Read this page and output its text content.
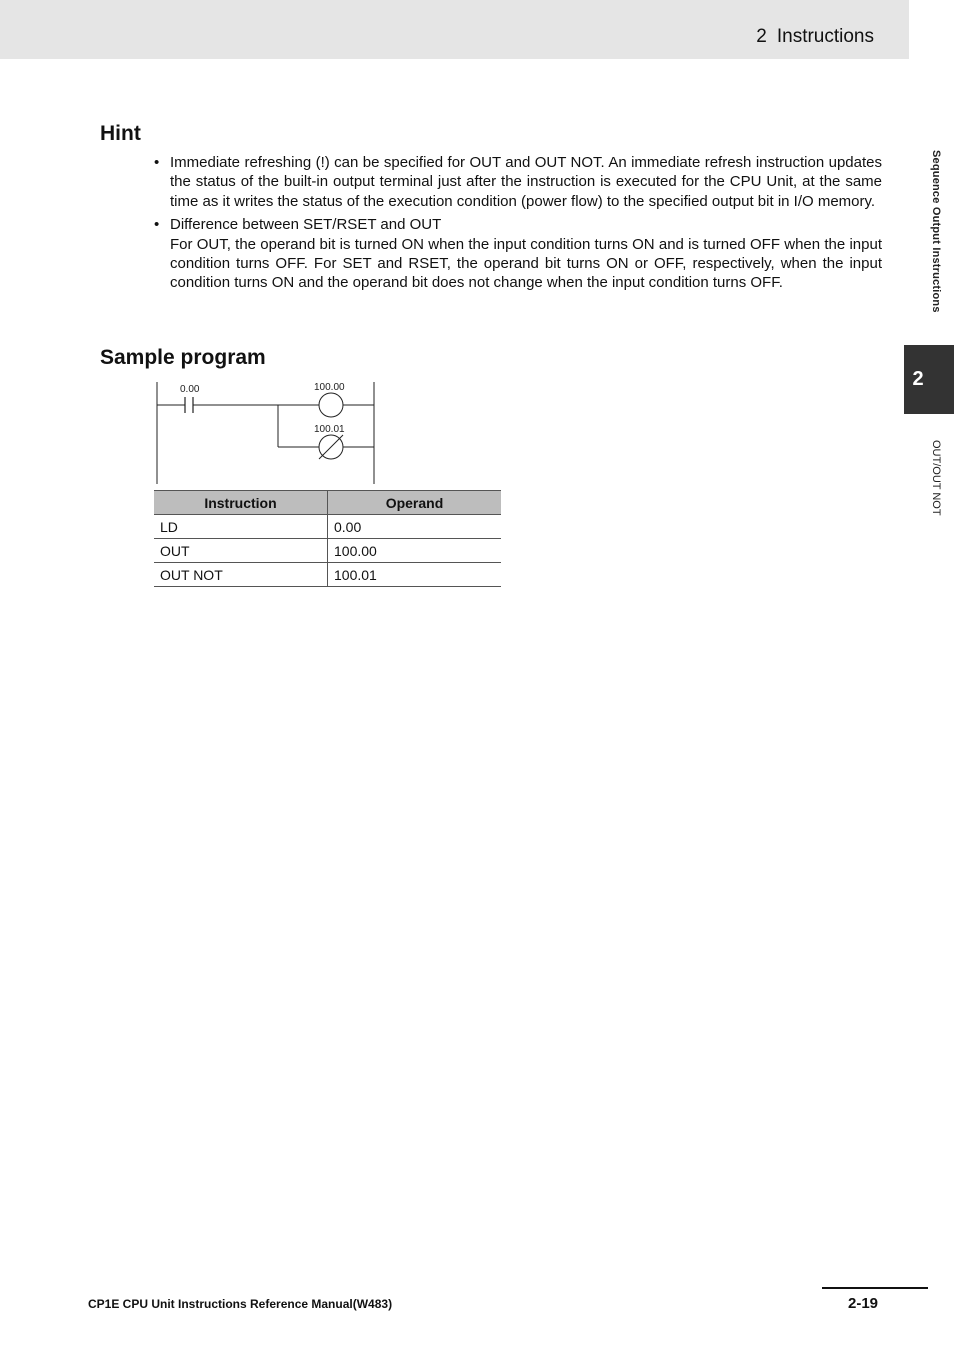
2 Instructions
Sequence Output Instructions
2
OUT/OUT NOT
Hint
• Immediate refreshing (!) can be specified for OUT and OUT NOT. An immediate refresh instruction updates the status of the built-in output terminal just after the instruction is executed for the CPU Unit, at the same time as it writes the status of the execution condition (power flow) to the specified output bit in I/O memory.
• Difference between SET/RSET and OUT
For OUT, the operand bit is turned ON when the input condition turns ON and is turned OFF when the input condition turns OFF. For SET and RSET, the operand bit turns ON or OFF, respectively, when the input condition turns ON and the operand bit does not change when the input condition turns OFF.
Sample program
0.00	100.00
100.01
Instruction	Operand
LD	0.00
OUT	100.00
OUT NOT	100.01
CP1E CPU Unit Instructions Reference Manual(W483)	2-19
